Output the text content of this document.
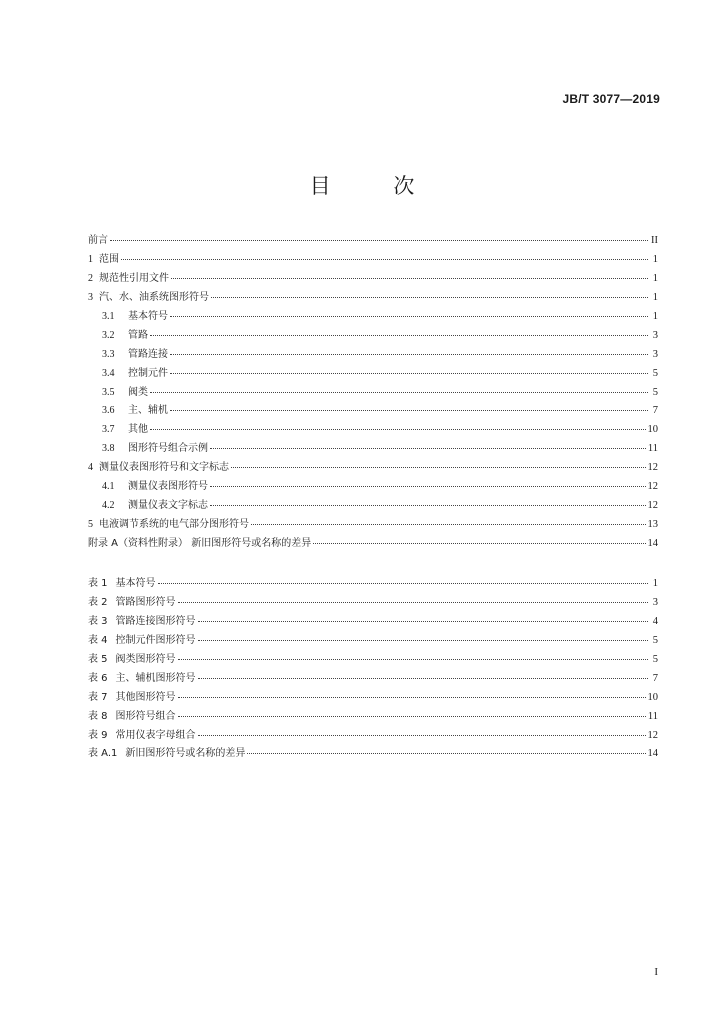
JB/T 3077—2019
目 次
前言	II
1 范围	1
2 规范性引用文件	1
3 汽、水、油系统图形符号	1
3.1	基本符号	1
3.2	管路	3
3.3	管路连接	3
3.4	控制元件	5
3.5	阀类	5
3.6	主、辅机	7
3.7	其他	10
3.8	图形符号组合示例	11
4 测量仪表图形符号和文字标志	12
4.1	测量仪表图形符号	12
4.2	测量仪表文字标志	12
5 电液调节系统的电气部分图形符号	13
附录 A（资料性附录） 新旧图形符号或名称的差异	14
表 1 基本符号	1
表 2 管路图形符号	3
表 3 管路连接图形符号	4
表 4 控制元件图形符号	5
表 5 阀类图形符号	5
表 6 主、辅机图形符号	7
表 7 其他图形符号	10
表 8 图形符号组合	11
表 9 常用仪表字母组合	12
表 A.1 新旧图形符号或名称的差异	14
I
